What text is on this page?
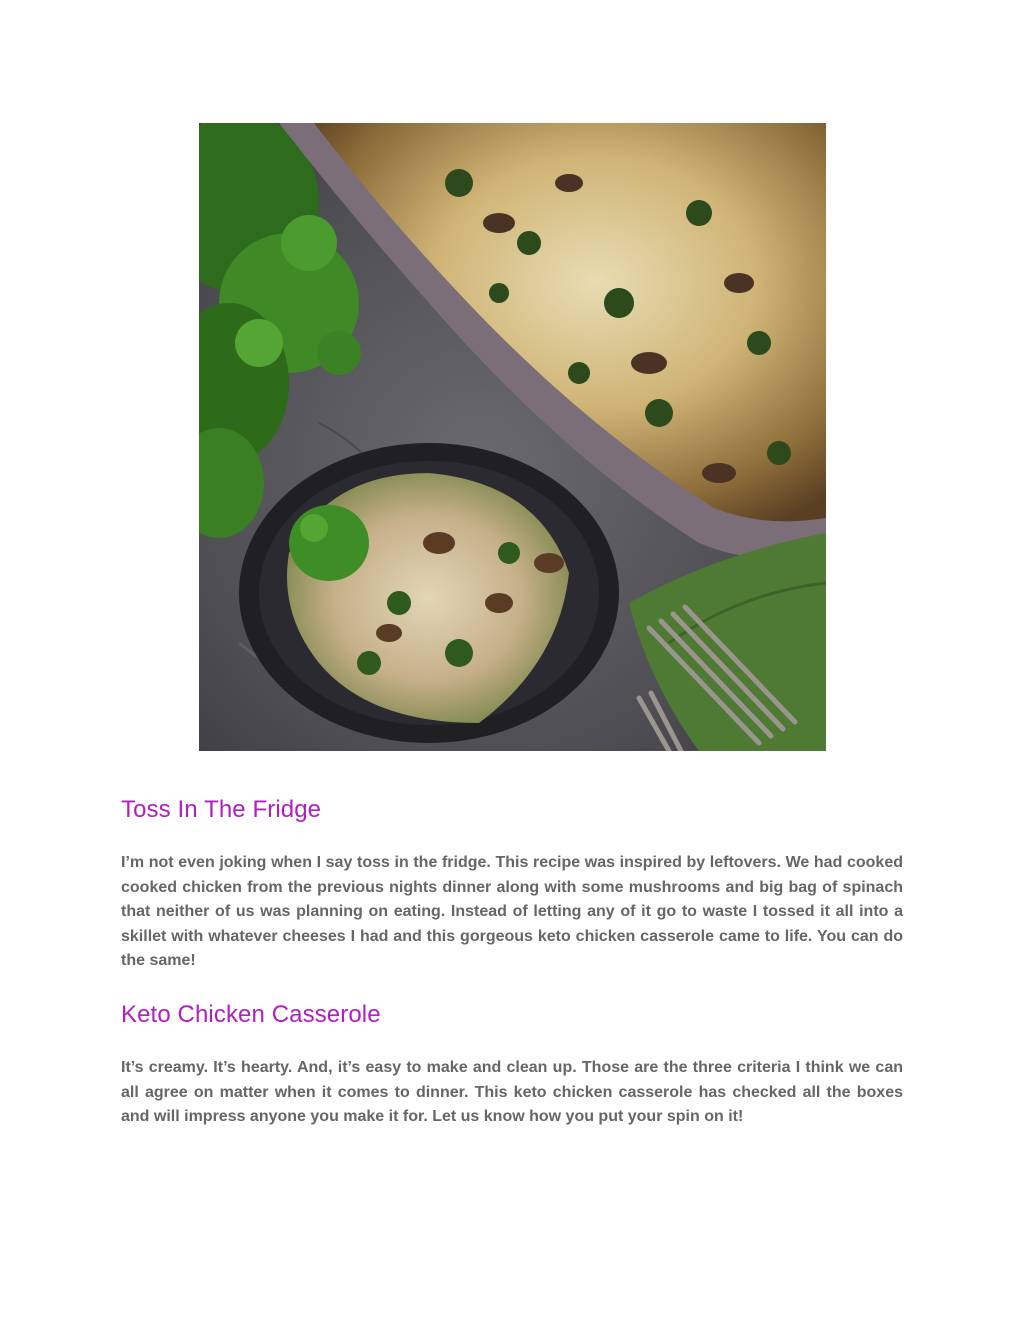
Toss In The Fridge

I’m not even joking when I say toss in the fridge. This recipe was inspired by leftovers. We had cooked cooked chicken from the previous nights dinner along with some mushrooms and big bag of spinach that neither of us was planning on eating. Instead of letting any of it go to waste I tossed it all into a skillet with whatever cheeses I had and this gorgeous keto chicken casserole came to life. You can do the same!

Keto Chicken Casserole

It’s creamy. It’s hearty. And, it’s easy to make and clean up. Those are the three criteria I think we can all agree on matter when it comes to dinner. This keto chicken casserole has checked all the boxes and will impress anyone you make it for. Let us know how you put your spin on it!
